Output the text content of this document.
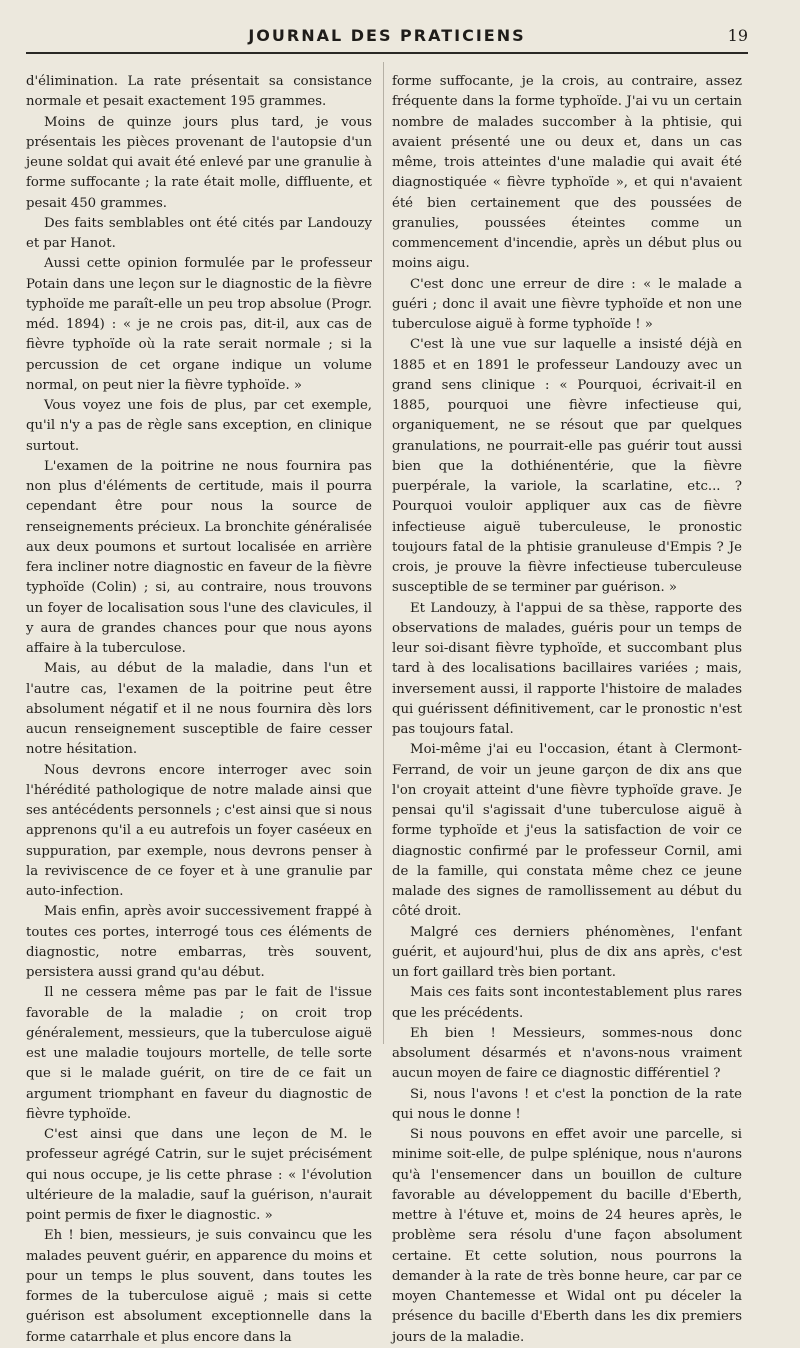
JOURNAL DES PRATICIENS	19

d'élimination. La rate présentait sa consistance normale et pesait exactement 195 grammes.

Moins de quinze jours plus tard, je vous présentais les pièces provenant de l'autopsie d'un jeune soldat qui avait été enlevé par une granulie à forme suffocante ; la rate était molle, diffluente, et pesait 450 grammes.

Des faits semblables ont été cités par Landouzy et par Hanot.

Aussi cette opinion formulée par le professeur Potain dans une leçon sur le diagnostic de la fièvre typhoïde me paraît-elle un peu trop absolue (Progr. méd. 1894) : « je ne crois pas, dit-il, aux cas de fièvre typhoïde où la rate serait normale ; si la percussion de cet organe indique un volume normal, on peut nier la fièvre typhoïde. »

Vous voyez une fois de plus, par cet exemple, qu'il n'y a pas de règle sans exception, en clinique surtout.

L'examen de la poitrine ne nous fournira pas non plus d'éléments de certitude, mais il pourra cependant être pour nous la source de renseignements précieux. La bronchite généralisée aux deux poumons et surtout localisée en arrière fera incliner notre diagnostic en faveur de la fièvre typhoïde (Colin) ; si, au contraire, nous trouvons un foyer de localisation sous l'une des clavicules, il y aura de grandes chances pour que nous ayons affaire à la tuberculose.

Mais, au début de la maladie, dans l'un et l'autre cas, l'examen de la poitrine peut être absolument négatif et il ne nous fournira dès lors aucun renseignement susceptible de faire cesser notre hésitation.

Nous devrons encore interroger avec soin l'hérédité pathologique de notre malade ainsi que ses antécédents personnels ; c'est ainsi que si nous apprenons qu'il a eu autrefois un foyer caséeux en suppuration, par exemple, nous devrons penser à la reviviscence de ce foyer et à une granulie par auto-infection.

Mais enfin, après avoir successivement frappé à toutes ces portes, interrogé tous ces éléments de diagnostic, notre embarras, très souvent, persistera aussi grand qu'au début.

Il ne cessera même pas par le fait de l'issue favorable de la maladie ; on croit trop généralement, messieurs, que la tuberculose aiguë est une maladie toujours mortelle, de telle sorte que si le malade guérit, on tire de ce fait un argument triomphant en faveur du diagnostic de fièvre typhoïde.

C'est ainsi que dans une leçon de M. le professeur agrégé Catrin, sur le sujet précisément qui nous occupe, je lis cette phrase : « l'évolution ultérieure de la maladie, sauf la guérison, n'aurait point permis de fixer le diagnostic. »

Eh ! bien, messieurs, je suis convaincu que les malades peuvent guérir, en apparence du moins et pour un temps le plus souvent, dans toutes les formes de la tuberculose aiguë ; mais si cette guérison est absolument exceptionnelle dans la forme catarrhale et plus encore dans la

forme suffocante, je la crois, au contraire, assez fréquente dans la forme typhoïde. J'ai vu un certain nombre de malades succomber à la phtisie, qui avaient présenté une ou deux et, dans un cas même, trois atteintes d'une maladie qui avait été diagnostiquée « fièvre typhoïde », et qui n'avaient été bien certainement que des poussées de granulies, poussées éteintes comme un commencement d'incendie, après un début plus ou moins aigu.

C'est donc une erreur de dire : « le malade a guéri ; donc il avait une fièvre typhoïde et non une tuberculose aiguë à forme typhoïde ! »

C'est là une vue sur laquelle a insisté déjà en 1885 et en 1891 le professeur Landouzy avec un grand sens clinique : « Pourquoi, écrivait-il en 1885, pourquoi une fièvre infectieuse qui, organiquement, ne se résout que par quelques granulations, ne pourrait-elle pas guérir tout aussi bien que la dothiénentérie, que la fièvre puerpérale, la variole, la scarlatine, etc... ? Pourquoi vouloir appliquer aux cas de fièvre infectieuse aiguë tuberculeuse, le pronostic toujours fatal de la phtisie granuleuse d'Empis ? Je crois, je prouve la fièvre infectieuse tuberculeuse susceptible de se terminer par guérison. »

Et Landouzy, à l'appui de sa thèse, rapporte des observations de malades, guéris pour un temps de leur soi-disant fièvre typhoïde, et succombant plus tard à des localisations bacillaires variées ; mais, inversement aussi, il rapporte l'histoire de malades qui guérissent définitivement, car le pronostic n'est pas toujours fatal.

Moi-même j'ai eu l'occasion, étant à Clermont-Ferrand, de voir un jeune garçon de dix ans que l'on croyait atteint d'une fièvre typhoïde grave. Je pensai qu'il s'agissait d'une tuberculose aiguë à forme typhoïde et j'eus la satisfaction de voir ce diagnostic confirmé par le professeur Cornil, ami de la famille, qui constata même chez ce jeune malade des signes de ramollissement au début du côté droit.

Malgré ces derniers phénomènes, l'enfant guérit, et aujourd'hui, plus de dix ans après, c'est un fort gaillard très bien portant.

Mais ces faits sont incontestablement plus rares que les précédents.

Eh bien ! Messieurs, sommes-nous donc absolument désarmés et n'avons-nous vraiment aucun moyen de faire ce diagnostic différentiel ?

Si, nous l'avons ! et c'est la ponction de la rate qui nous le donne !

Si nous pouvons en effet avoir une parcelle, si minime soit-elle, de pulpe splénique, nous n'aurons qu'à l'ensemencer dans un bouillon de culture favorable au développement du bacille d'Eberth, mettre à l'étuve et, moins de 24 heures après, le problème sera résolu d'une façon absolument certaine. Et cette solution, nous pourrons la demander à la rate de très bonne heure, car par ce moyen Chantemesse et Widal ont pu déceler la présence du bacille d'Eberth dans les dix premiers jours de la maladie.
